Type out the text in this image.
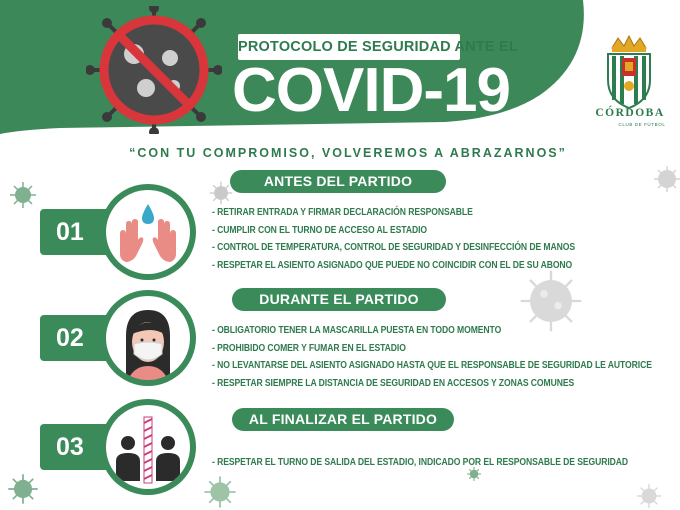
PROTOCOLO DE SEGURIDAD ANTE EL
COVID-19	CÓRDOBA
CLUB DE FÚTBOL
“CON TU COMPROMISO, VOLVEREMOS A ABRAZARNOS”
ANTES DEL PARTIDO
01
- RETIRAR ENTRADA Y FIRMAR DECLARACIÓN RESPONSABLE
- CUMPLIR CON EL TURNO DE ACCESO AL ESTADIO
- CONTROL DE TEMPERATURA, CONTROL DE SEGURIDAD Y DESINFECCIÓN DE MANOS
- RESPETAR EL ASIENTO ASIGNADO QUE PUEDE NO COINCIDIR CON EL DE SU ABONO
DURANTE EL PARTIDO
02	- OBLIGATORIO TENER LA MASCARILLA PUESTA EN TODO MOMENTO
- PROHIBIDO COMER Y FUMAR EN EL ESTADIO
- NO LEVANTARSE DEL ASIENTO ASIGNADO HASTA QUE EL RESPONSABLE DE SEGURIDAD LE AUTORICE
- RESPETAR SIEMPRE LA DISTANCIA DE SEGURIDAD EN ACCESOS Y ZONAS COMUNES
AL FINALIZAR EL PARTIDO
03
- RESPETAR EL TURNO DE SALIDA DEL ESTADIO, INDICADO POR EL RESPONSABLE DE SEGURIDAD
